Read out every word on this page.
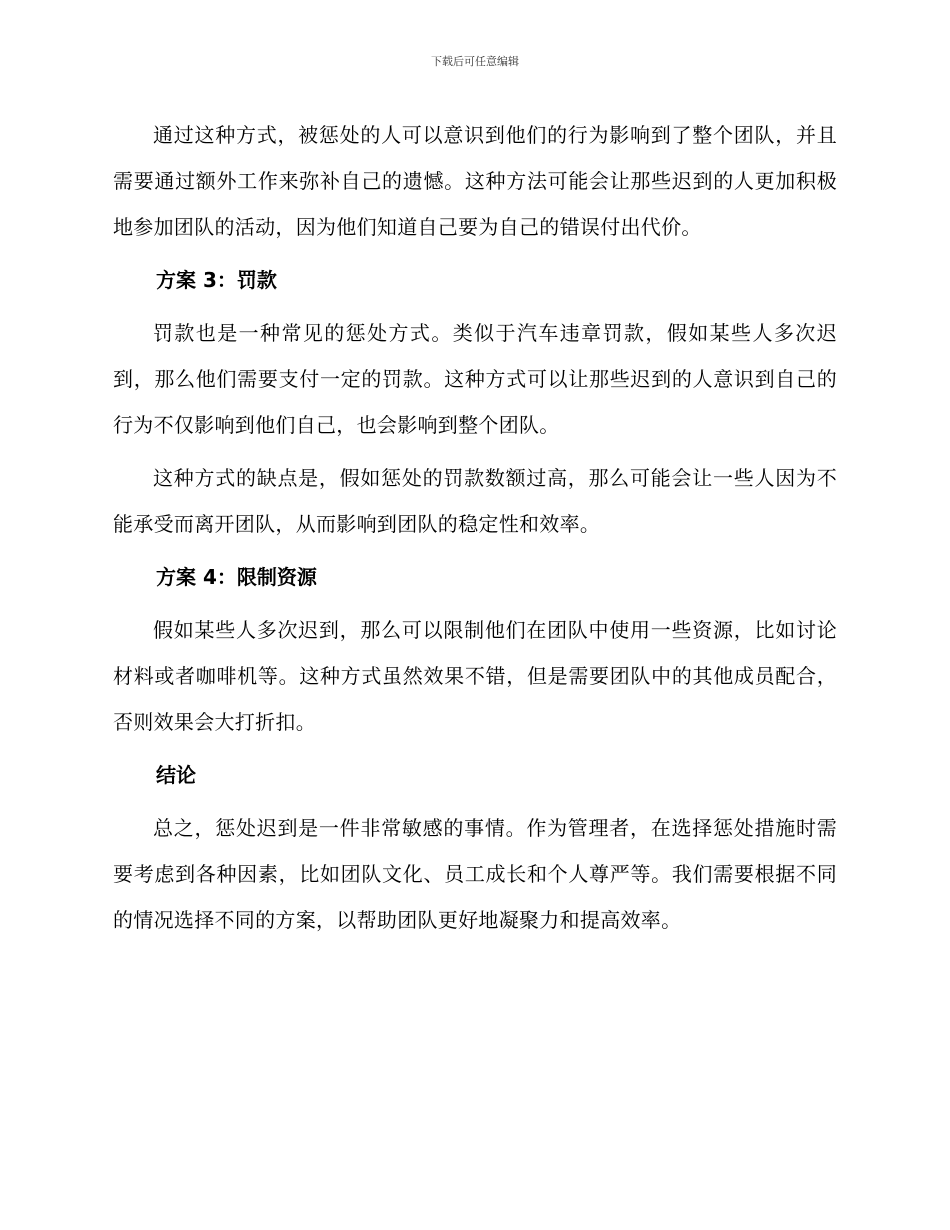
下载后可任意编辑

通过这种方式，被惩处的人可以意识到他们的行为影响到了整个团队，并且需要通过额外工作来弥补自己的遗憾。这种方法可能会让那些迟到的人更加积极地参加团队的活动，因为他们知道自己要为自己的错误付出代价。

方案 3：罚款

罚款也是一种常见的惩处方式。类似于汽车违章罚款，假如某些人多次迟到，那么他们需要支付一定的罚款。这种方式可以让那些迟到的人意识到自己的行为不仅影响到他们自己，也会影响到整个团队。

这种方式的缺点是，假如惩处的罚款数额过高，那么可能会让一些人因为不能承受而离开团队，从而影响到团队的稳定性和效率。

方案 4：限制资源

假如某些人多次迟到，那么可以限制他们在团队中使用一些资源，比如讨论材料或者咖啡机等。这种方式虽然效果不错，但是需要团队中的其他成员配合，否则效果会大打折扣。

结论

总之，惩处迟到是一件非常敏感的事情。作为管理者，在选择惩处措施时需要考虑到各种因素，比如团队文化、员工成长和个人尊严等。我们需要根据不同的情况选择不同的方案，以帮助团队更好地凝聚力和提高效率。
